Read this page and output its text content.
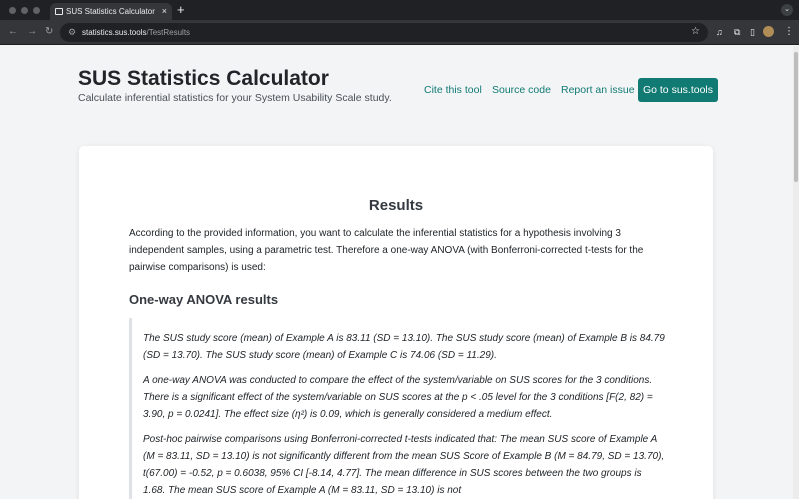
SUS Statistics Calculator × +	⌄
← → ↻ ⚙ statistics.sus.tools/TestResults	☆ ♫ ⧉ ▯	⋮
SUS Statistics Calculator
Calculate inferential statistics for your System Usability Scale study.
Cite this tool Source code Report an issue Go to sus.tools
Results

According to the provided information, you want to calculate the inferential statistics for a hypothesis involving 3 independent samples, using a parametric test. Therefore a one-way ANOVA (with Bonferroni-corrected t-tests for the pairwise comparisons) is used:

One-way ANOVA results

The SUS study score (mean) of Example A is 83.11 (SD = 13.10). The SUS study score (mean) of Example B is 84.79 (SD = 13.70). The SUS study score (mean) of Example C is 74.06 (SD = 11.29).

A one-way ANOVA was conducted to compare the effect of the system/variable on SUS scores for the 3 conditions. There is a significant effect of the system/variable on SUS scores at the p < .05 level for the 3 conditions [F(2, 82) = 3.90, p = 0.0241]. The effect size (η²) is 0.09, which is generally considered a medium effect.

Post-hoc pairwise comparisons using Bonferroni-corrected t-tests indicated that: The mean SUS score of Example A (M = 83.11, SD = 13.10) is not significantly different from the mean SUS Score of Example B (M = 84.79, SD = 13.70), t(67.00) = -0.52, p = 0.6038, 95% CI [-8.14, 4.77]. The mean difference in SUS scores between the two groups is 1.68. The mean SUS score of Example A (M = 83.11, SD = 13.10) is not
